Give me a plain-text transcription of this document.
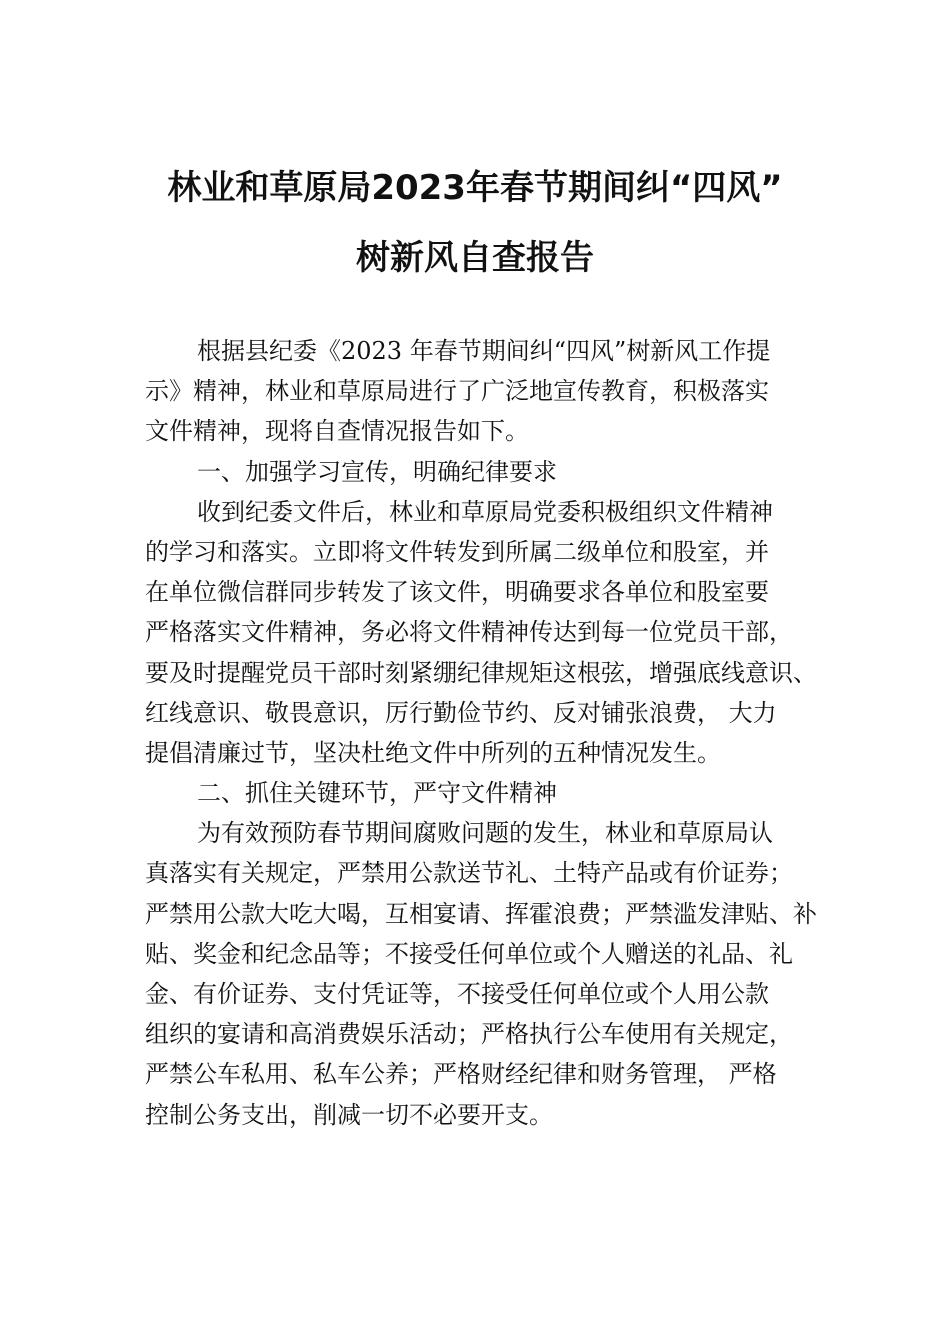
林业和草原局2023年春节期间纠“四风”
树新风自查报告
根据县纪委《2023 年春节期间纠“四风”树新风工作提
示》精神，林业和草原局进行了广泛地宣传教育，积极落实
文件精神，现将自查情况报告如下。
一、加强学习宣传，明确纪律要求
收到纪委文件后，林业和草原局党委积极组织文件精神
的学习和落实。立即将文件转发到所属二级单位和股室，并
在单位微信群同步转发了该文件，明确要求各单位和股室要
严格落实文件精神，务必将文件精神传达到每一位党员干部，
要及时提醒党员干部时刻紧绷纪律规矩这根弦，增强底线意识、
红线意识、敬畏意识，厉行勤俭节约、反对铺张浪费， 大力
提倡清廉过节，坚决杜绝文件中所列的五种情况发生。
二、抓住关键环节，严守文件精神
为有效预防春节期间腐败问题的发生，林业和草原局认
真落实有关规定，严禁用公款送节礼、土特产品或有价证券；
严禁用公款大吃大喝，互相宴请、挥霍浪费；严禁滥发津贴、补
贴、奖金和纪念品等；不接受任何单位或个人赠送的礼品、礼
金、有价证券、支付凭证等，不接受任何单位或个人用公款
组织的宴请和高消费娱乐活动；严格执行公车使用有关规定，
严禁公车私用、私车公养；严格财经纪律和财务管理， 严格
控制公务支出，削减一切不必要开支。
